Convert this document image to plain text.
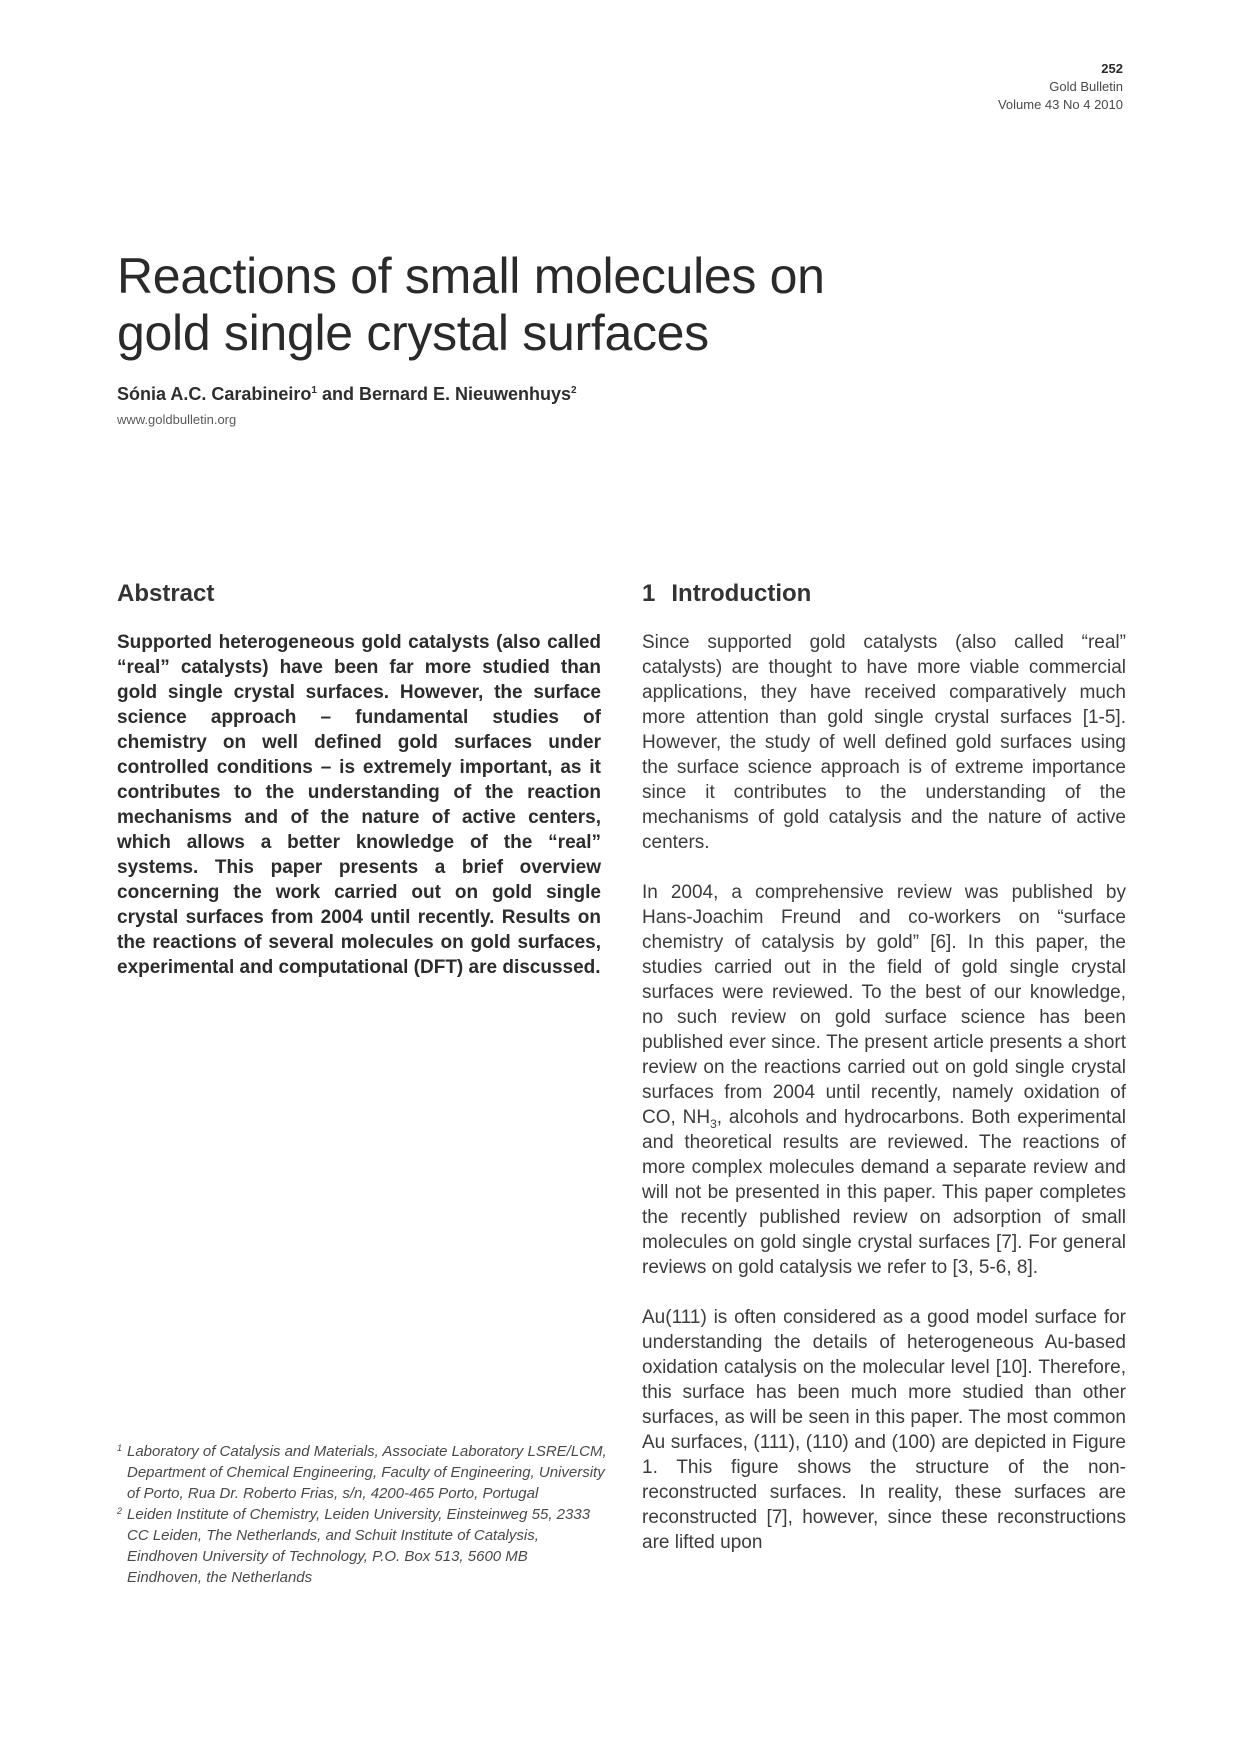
252
Gold Bulletin
Volume 43 No 4 2010
Reactions of small molecules on
gold single crystal surfaces

Sónia A.C. Carabineiro$^1$ and Bernard E. Nieuwenhuys$^2$

www.goldbulletin.org
Abstract

Supported heterogeneous gold catalysts (also called “real” catalysts) have been far more studied than gold single crystal surfaces. However, the surface science approach – fundamental studies of chemistry on well defined gold surfaces under controlled conditions – is extremely important, as it contributes to the understanding of the reaction mechanisms and of the nature of active centers, which allows a better knowledge of the “real” systems. This paper presents a brief overview concerning the work carried out on gold single crystal surfaces from 2004 until recently. Results on the reactions of several molecules on gold surfaces, experimental and computational (DFT) are discussed.

1 Introduction

Since supported gold catalysts (also called “real” catalysts) are thought to have more viable commercial applications, they have received comparatively much more attention than gold single crystal surfaces [1-5]. However, the study of well defined gold surfaces using the surface science approach is of extreme importance since it contributes to the understanding of the mechanisms of gold catalysis and the nature of active centers.

In 2004, a comprehensive review was published by Hans-Joachim Freund and co-workers on “surface chemistry of catalysis by gold” [6]. In this paper, the studies carried out in the field of gold single crystal surfaces were reviewed. To the best of our knowledge, no such review on gold surface science has been published ever since. The present article presents a short review on the reactions carried out on gold single crystal surfaces from 2004 until recently, namely oxidation of CO, $NH_3$, alcohols and hydrocarbons. Both experimental and theoretical results are reviewed. The reactions of more complex molecules demand a separate review and will not be presented in this paper. This paper completes the recently published review on adsorption of small molecules on gold single crystal surfaces [7]. For general reviews on gold catalysis we refer to [3, 5-6, 8].

Au(111) is often considered as a good model surface for understanding the details of heterogeneous Au-based oxidation catalysis on the molecular level [10]. Therefore, this surface has been much more studied than other surfaces, as will be seen in this paper. The most common Au surfaces, (111), (110) and (100) are depicted in Figure 1. This figure shows the structure of the non-reconstructed surfaces. In reality, these surfaces are reconstructed [7], however, since these reconstructions are lifted upon

1 Laboratory of Catalysis and Materials, Associate Laboratory LSRE/LCM, Department of Chemical Engineering, Faculty of Engineering, University of Porto, Rua Dr. Roberto Frias, s/n, 4200-465 Porto, Portugal

2 Leiden Institute of Chemistry, Leiden University, Einsteinweg 55, 2333 CC Leiden, The Netherlands, and Schuit Institute of Catalysis, Eindhoven University of Technology, P.O. Box 513, 5600 MB Eindhoven, the Netherlands
